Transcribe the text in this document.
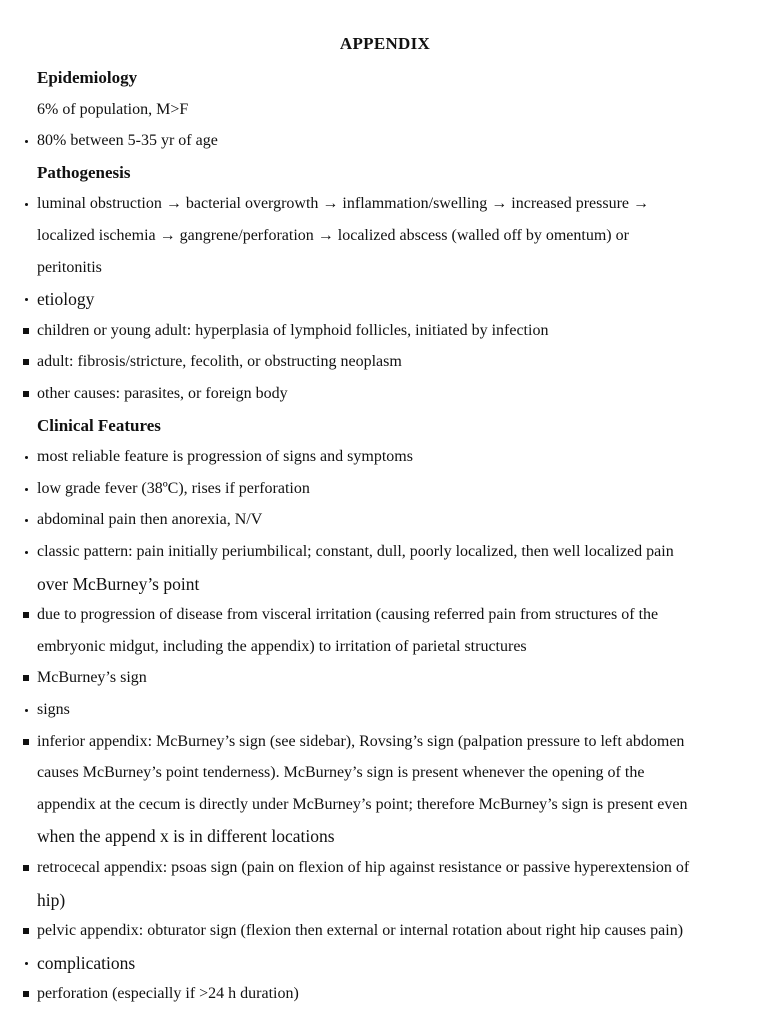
APPENDIX
Epidemiology
6% of population, M>F
80% between 5-35 yr of age
Pathogenesis
luminal obstruction → bacterial overgrowth → inflammation/swelling → increased pressure →
localized ischemia → gangrene/perforation → localized abscess (walled off by omentum) or
peritonitis
etiology
children or young adult: hyperplasia of lymphoid follicles, initiated by infection
adult: fibrosis/stricture, fecolith, or obstructing neoplasm
other causes: parasites, or foreign body
Clinical Features
most reliable feature is progression of signs and symptoms
low grade fever (38ºC), rises if perforation
abdominal pain then anorexia, N/V
classic pattern: pain initially periumbilical; constant, dull, poorly localized, then well localized pain
over McBurney’s point
due to progression of disease from visceral irritation (causing referred pain from structures of the
embryonic midgut, including the appendix) to irritation of parietal structures
McBurney’s sign
signs
inferior appendix: McBurney’s sign (see sidebar), Rovsing’s sign (palpation pressure to left abdomen
causes McBurney’s point tenderness). McBurney’s sign is present whenever the opening of the
appendix at the cecum is directly under McBurney’s point; therefore McBurney’s sign is present even
when the append x is in different locations
retrocecal appendix: psoas sign (pain on flexion of hip against resistance or passive hyperextension of
hip)
pelvic appendix: obturator sign (flexion then external or internal rotation about right hip causes pain)
complications
perforation (especially if >24 h duration)
